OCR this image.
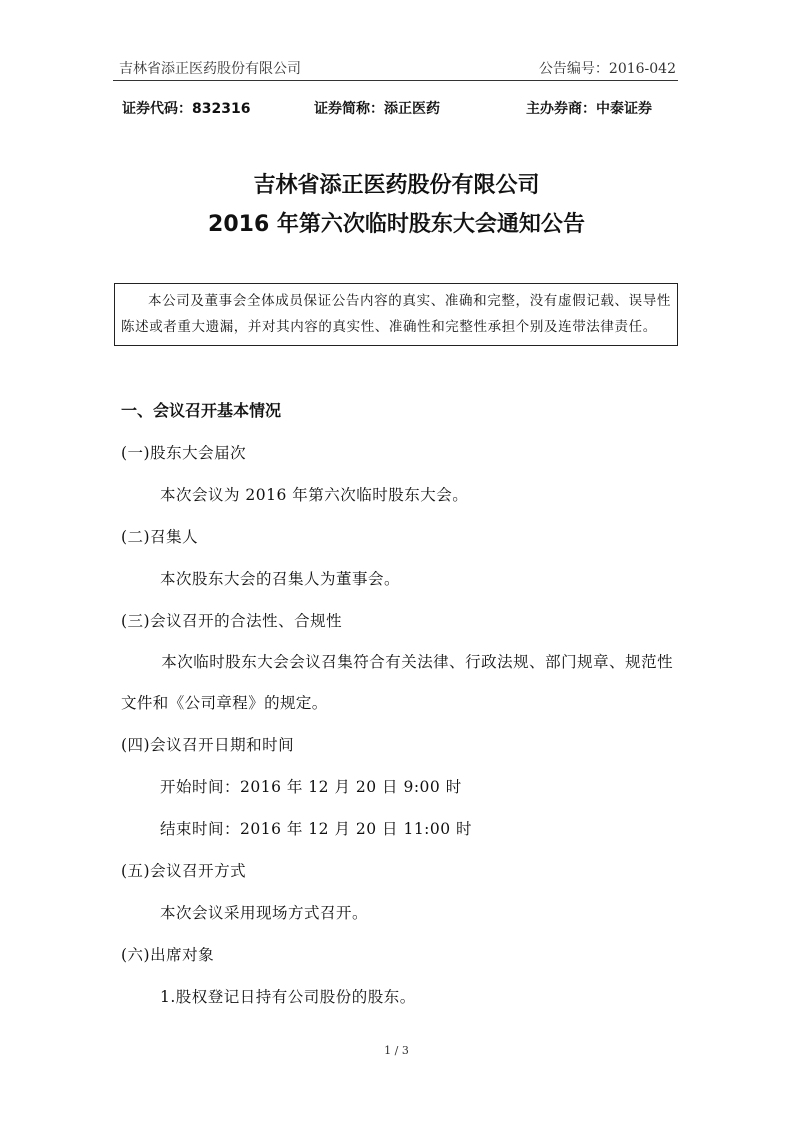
吉林省添正医药股份有限公司	公告编号：2016-042
证券代码：832316	证券简称：添正医药	主办券商：中泰证券
吉林省添正医药股份有限公司
2016 年第六次临时股东大会通知公告

本公司及董事会全体成员保证公告内容的真实、准确和完整，没有虚假记载、误导性陈述或者重大遗漏，并对其内容的真实性、准确性和完整性承担个别及连带法律责任。

一、会议召开基本情况
(一)股东大会届次
本次会议为 2016 年第六次临时股东大会。
(二)召集人
本次股东大会的召集人为董事会。
(三)会议召开的合法性、合规性

本次临时股东大会会议召集符合有关法律、行政法规、部门规章、规范性文件和《公司章程》的规定。

(四)会议召开日期和时间
开始时间：2016 年 12 月 20 日 9:00 时
结束时间：2016 年 12 月 20 日 11:00 时
(五)会议召开方式
本次会议采用现场方式召开。
(六)出席对象
1.股权登记日持有公司股份的股东。
1 / 3
